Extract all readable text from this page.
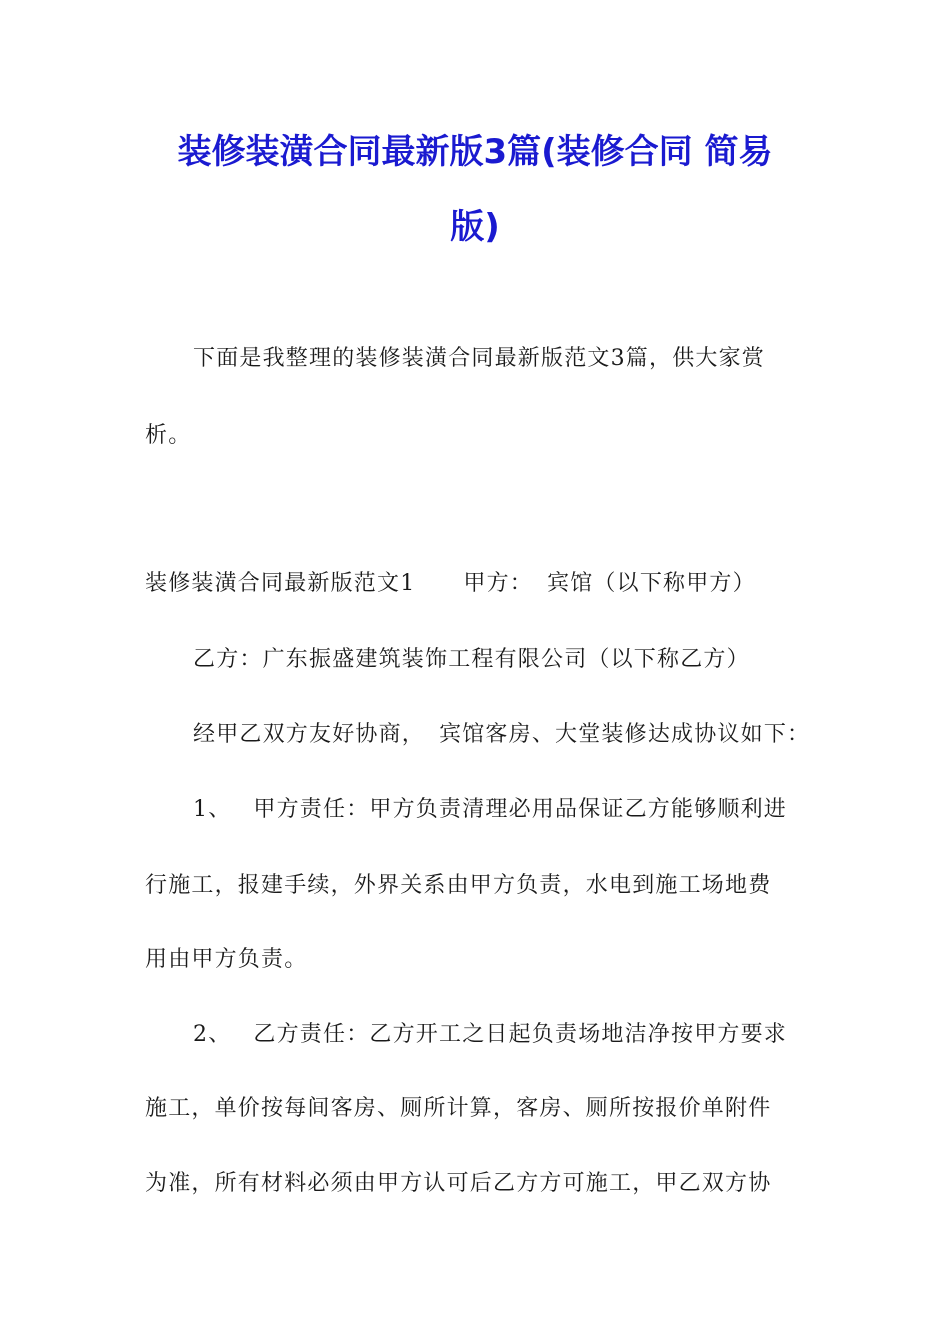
装修装潢合同最新版3篇(装修合同 简易
版)
下面是我整理的装修装潢合同最新版范文3篇，供大家赏
析。
装修装潢合同最新版范文1 甲方： 宾馆（以下称甲方）
乙方：广东振盛建筑装饰工程有限公司（以下称乙方）
经甲乙双方友好协商， 宾馆客房、大堂装修达成协议如下：
1、 甲方责任：甲方负责清理必用品保证乙方能够顺利进
行施工，报建手续，外界关系由甲方负责，水电到施工场地费
用由甲方负责。
2、 乙方责任：乙方开工之日起负责场地洁净按甲方要求
施工，单价按每间客房、厕所计算，客房、厕所按报价单附件
为准，所有材料必须由甲方认可后乙方方可施工，甲乙双方协
